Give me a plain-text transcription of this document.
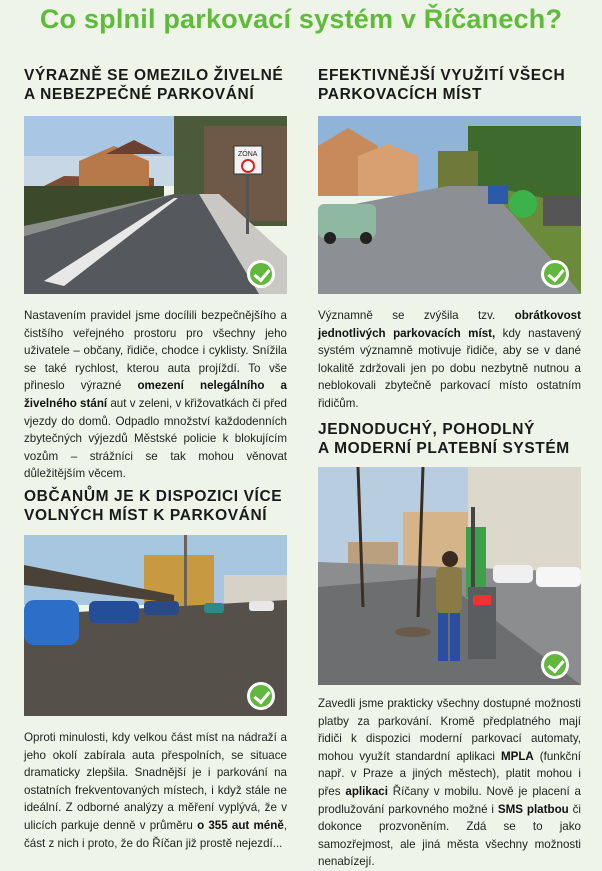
Co splnil parkovací systém v Říčanech?
VÝRAZNĚ SE OMEZILO ŽIVELNÉ
A NEBEZPEČNÉ PARKOVÁNÍ
ZÓNA
Nastavením pravidel jsme docílili bezpečnějšího a čistšího veřejného prostoru pro všechny jeho uživatele – občany, řidiče, chodce i cyklisty. Snížila se také rychlost, kterou auta projíždí. To vše přineslo výrazné omezení nelegálního a živelného stání aut v zeleni, v křižovatkách či před vjezdy do domů. Odpadlo množství každodenních zbytečných výjezdů Městské policie k blokujícím vozům – strážníci se tak mohou věnovat důležitějším věcem.
EFEKTIVNĚJŠÍ VYUŽITÍ VŠECH
PARKOVACÍCH MÍST
Významně se zvýšila tzv. obrátkovost jednotlivých parkovacích míst, kdy nastavený systém významně motivuje řidiče, aby se v dané lokalitě zdržovali jen po dobu nezbytně nutnou a neblokovali zbytečně parkovací místo ostatním řidičům.
OBČANŮM JE K DISPOZICI VÍCE
VOLNÝCH MÍST K PARKOVÁNÍ
Oproti minulosti, kdy velkou část míst na nádraží a jeho okolí zabírala auta přespolních, se situace dramaticky zlepšila. Snadnější je i parkování na ostatních frekventovaných místech, i když stále ne ideální. Z odborné analýzy a měření vyplývá, že v ulicích parkuje denně v průměru o 355 aut méně, část z nich i proto, že do Říčan již prostě nejezdí...
JEDNODUCHÝ, POHODLNÝ
A MODERNÍ PLATEBNÍ SYSTÉM
Zavedli jsme prakticky všechny dostupné možnosti platby za parkování. Kromě předplatného mají řidiči k dispozici moderní parkovací automaty, mohou využít standardní aplikaci MPLA (funkční např. v Praze a jiných městech), platit mohou i přes aplikaci Říčany v mobilu. Nově je placení a prodlužování parkovného možné i SMS platbou či dokonce prozvoněním. Zdá se to jako samozřejmost, ale jiná města všechny možnosti nenabízejí.
